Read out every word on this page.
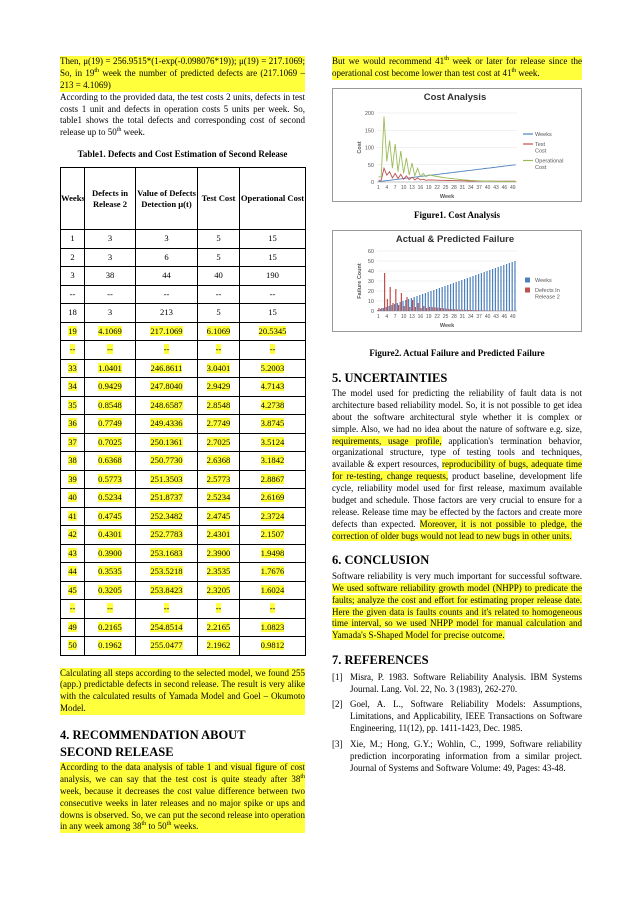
Then, μ(19) = 256.9515*(1-exp(-0.098076*19)); μ(19) = 217.1069; So, in 19th week the number of predicted defects are (217.1069 – 213 = 4.1069)

According to the provided data, the test costs 2 units, defects in test costs 1 unit and defects in operation costs 5 units per week. So, table1 shows the total defects and corresponding cost of second release up to 50th week.

Table1. Defects and Cost Estimation of Second Release
Weeks	Defects in Release 2	Value of Defects Detection μ(t)	Test Cost	Operational Cost
1	3	3	5	15
2	3	6	5	15
3	38	44	40	190
--	--	--	--	--
18	3	213	5	15
19	4.1069	217.1069	6.1069	20.5345
--	--	--	--	--
33	1.0401	246.8611	3.0401	5.2003
34	0.9429	247.8040	2.9429	4.7143
35	0.8548	248.6587	2.8548	4.2738
36	0.7749	249.4336	2.7749	3.8745
37	0.7025	250.1361	2.7025	3.5124
38	0.6368	250.7730	2.6368	3.1842
39	0.5773	251.3503	2.5773	2.8867
40	0.5234	251.8737	2.5234	2.6169
41	0.4745	252.3482	2.4745	2.3724
42	0.4301	252.7783	2.4301	2.1507
43	0.3900	253.1683	2.3900	1.9498
44	0.3535	253.5218	2.3535	1.7676
45	0.3205	253.8423	2.3205	1.6024
--	--	--	--	--
49	0.2165	254.8514	2.2165	1.0823
50	0.1962	255.0477	2.1962	0.9812

Calculating all steps according to the selected model, we found 255 (app.) predictable defects in second release. The result is very alike with the calculated results of Yamada Model and Goel – Okumoto Model.

4. RECOMMENDATION ABOUT
SECOND RELEASE

According to the data analysis of table 1 and visual figure of cost analysis, we can say that the test cost is quite steady after 38th week, because it decreases the cost value difference between two consecutive weeks in later releases and no major spike or ups and downs is observed. So, we can put the second release into operation in any week among 38th to 50th weeks.

But we would recommend 41th week or later for release since the operational cost become lower than test cost at 41th week.

Cost Analysis
0
50
100
150
200
1 4 7 10 13 16 19 22 25 28 31 34 37 40 43 46 49
Week
Cost
Weeks
Test Cost
Operational Cost
Figure1. Cost Analysis
Actual & Predicted Failure
0
10
20
30
40
50
60
1 4 7 10 13 16 19 22 25 28 31 34 37 40 43 46 49
Week
Failure Count	Weeks
Defects In Release 2
Figure2. Actual Failure and Predicted Failure
5. UNCERTAINTIES

The model used for predicting the reliability of fault data is not architecture based reliability model. So, it is not possible to get idea about the software architectural style whether it is complex or simple. Also, we had no idea about the nature of software e.g. size, requirements, usage profile, application's termination behavior, organizational structure, type of testing tools and techniques, available & expert resources, reproducibility of bugs, adequate time for re-testing, change requests, product baseline, development life cycle, reliability model used for first release, maximum available budget and schedule. Those factors are very crucial to ensure for a release. Release time may be effected by the factors and create more defects than expected. Moreover, it is not possible to pledge, the correction of older bugs would not lead to new bugs in other units.

6. CONCLUSION

Software reliability is very much important for successful software. We used software reliability growth model (NHPP) to predicate the faults; analyze the cost and effort for estimating proper release date. Here the given data is faults counts and it's related to homogeneous time interval, so we used NHPP model for manual calculation and Yamada's S-Shaped Model for precise outcome.

7. REFERENCES
[1] Misra, P. 1983. Software Reliability Analysis. IBM Systems Journal. Lang. Vol. 22, No. 3 (1983), 262-270.
[2] Goel, A. L., Software Reliability Models: Assumptions, Limitations, and Applicability, IEEE Transactions on Software Engineering, 11(12), pp. 1411-1423, Dec. 1985.
[3] Xie, M.; Hong, G.Y.; Wohlin, C., 1999, Software reliability prediction incorporating information from a similar project. Journal of Systems and Software Volume: 49, Pages: 43-48.
